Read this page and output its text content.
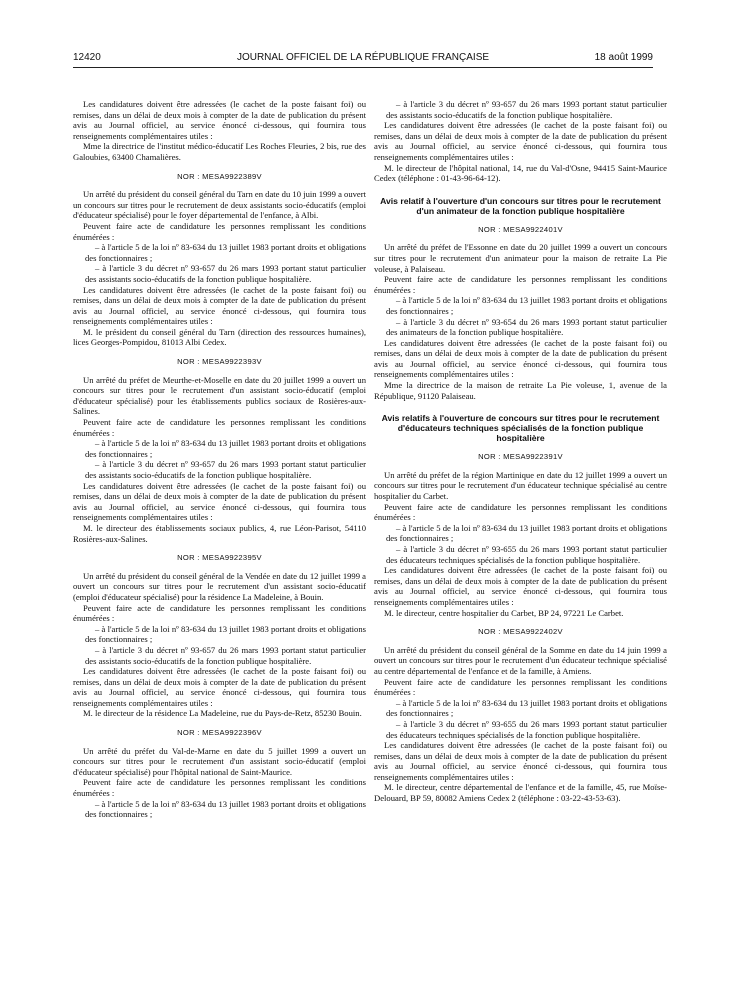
12420	JOURNAL OFFICIEL DE LA RÉPUBLIQUE FRANÇAISE	18 août 1999

Les candidatures doivent être adressées (le cachet de la poste faisant foi) ou remises, dans un délai de deux mois à compter de la date de publication du présent avis au Journal officiel, au service énoncé ci-dessous, qui fournira tous renseignements complémentaires utiles :

Mme la directrice de l'institut médico-éducatif Les Roches Fleuries, 2 bis, rue des Galoubies, 63400 Chamalières.

NOR : MESA9922389V

Un arrêté du président du conseil général du Tarn en date du 10 juin 1999 a ouvert un concours sur titres pour le recrutement de deux assistants socio-éducatifs (emploi d'éducateur spécialisé) pour le foyer départemental de l'enfance, à Albi.

Peuvent faire acte de candidature les personnes remplissant les conditions énumérées :

– à l'article 5 de la loi nº 83-634 du 13 juillet 1983 portant droits et obligations des fonctionnaires ;

– à l'article 3 du décret nº 93-657 du 26 mars 1993 portant statut particulier des assistants socio-éducatifs de la fonction publique hospitalière.

Les candidatures doivent être adressées (le cachet de la poste faisant foi) ou remises, dans un délai de deux mois à compter de la date de publication du présent avis au Journal officiel, au service énoncé ci-dessous, qui fournira tous renseignements complémentaires utiles :

M. le président du conseil général du Tarn (direction des ressources humaines), lices Georges-Pompidou, 81013 Albi Cedex.

NOR : MESA9922393V

Un arrêté du préfet de Meurthe-et-Moselle en date du 20 juillet 1999 a ouvert un concours sur titres pour le recrutement d'un assistant socio-éducatif (emploi d'éducateur spécialisé) pour les établissements publics sociaux de Rosières-aux-Salines.

Peuvent faire acte de candidature les personnes remplissant les conditions énumérées :

– à l'article 5 de la loi nº 83-634 du 13 juillet 1983 portant droits et obligations des fonctionnaires ;

– à l'article 3 du décret nº 93-657 du 26 mars 1993 portant statut particulier des assistants socio-éducatifs de la fonction publique hospitalière.

Les candidatures doivent être adressées (le cachet de la poste faisant foi) ou remises, dans un délai de deux mois à compter de la date de publication du présent avis au Journal officiel, au service énoncé ci-dessous, qui fournira tous renseignements complémentaires utiles :

M. le directeur des établissements sociaux publics, 4, rue Léon-Parisot, 54110 Rosières-aux-Salines.

NOR : MESA9922395V

Un arrêté du président du conseil général de la Vendée en date du 12 juillet 1999 a ouvert un concours sur titres pour le recrutement d'un assistant socio-éducatif (emploi d'éducateur spécialisé) pour la résidence La Madeleine, à Bouin.

Peuvent faire acte de candidature les personnes remplissant les conditions énumérées :

– à l'article 5 de la loi nº 83-634 du 13 juillet 1983 portant droits et obligations des fonctionnaires ;

– à l'article 3 du décret nº 93-657 du 26 mars 1993 portant statut particulier des assistants socio-éducatifs de la fonction publique hospitalière.

Les candidatures doivent être adressées (le cachet de la poste faisant foi) ou remises, dans un délai de deux mois à compter de la date de publication du présent avis au Journal officiel, au service énoncé ci-dessous, qui fournira tous renseignements complémentaires utiles :

M. le directeur de la résidence La Madeleine, rue du Pays-de-Retz, 85230 Bouin.

NOR : MESA9922396V

Un arrêté du préfet du Val-de-Marne en date du 5 juillet 1999 a ouvert un concours sur titres pour le recrutement d'un assistant socio-éducatif (emploi d'éducateur spécialisé) pour l'hôpital national de Saint-Maurice.

Peuvent faire acte de candidature les personnes remplissant les conditions énumérées :

– à l'article 5 de la loi nº 83-634 du 13 juillet 1983 portant droits et obligations des fonctionnaires ;

– à l'article 3 du décret nº 93-657 du 26 mars 1993 portant statut particulier des assistants socio-éducatifs de la fonction publique hospitalière.

Les candidatures doivent être adressées (le cachet de la poste faisant foi) ou remises, dans un délai de deux mois à compter de la date de publication du présent avis au Journal officiel, au service énoncé ci-dessous, qui fournira tous renseignements complémentaires utiles :

M. le directeur de l'hôpital national, 14, rue du Val-d'Osne, 94415 Saint-Maurice Cedex (téléphone : 01-43-96-64-12).

Avis relatif à l'ouverture d'un concours sur titres pour le recrutement d'un animateur de la fonction publique hospitalière
NOR : MESA9922401V

Un arrêté du préfet de l'Essonne en date du 20 juillet 1999 a ouvert un concours sur titres pour le recrutement d'un animateur pour la maison de retraite La Pie voleuse, à Palaiseau.

Peuvent faire acte de candidature les personnes remplissant les conditions énumérées :

– à l'article 5 de la loi nº 83-634 du 13 juillet 1983 portant droits et obligations des fonctionnaires ;

– à l'article 3 du décret nº 93-654 du 26 mars 1993 portant statut particulier des animateurs de la fonction publique hospitalière.

Les candidatures doivent être adressées (le cachet de la poste faisant foi) ou remises, dans un délai de deux mois à compter de la date de publication du présent avis au Journal officiel, au service énoncé ci-dessous, qui fournira tous renseignements complémentaires utiles :

Mme la directrice de la maison de retraite La Pie voleuse, 1, avenue de la République, 91120 Palaiseau.

Avis relatifs à l'ouverture de concours sur titres pour le recrutement d'éducateurs techniques spécialisés de la fonction publique hospitalière
NOR : MESA9922391V

Un arrêté du préfet de la région Martinique en date du 12 juillet 1999 a ouvert un concours sur titres pour le recrutement d'un éducateur technique spécialisé au centre hospitalier du Carbet.

Peuvent faire acte de candidature les personnes remplissant les conditions énumérées :

– à l'article 5 de la loi nº 83-634 du 13 juillet 1983 portant droits et obligations des fonctionnaires ;

– à l'article 3 du décret nº 93-655 du 26 mars 1993 portant statut particulier des éducateurs techniques spécialisés de la fonction publique hospitalière.

Les candidatures doivent être adressées (le cachet de la poste faisant foi) ou remises, dans un délai de deux mois à compter de la date de publication du présent avis au Journal officiel, au service énoncé ci-dessous, qui fournira tous renseignements complémentaires utiles :

M. le directeur, centre hospitalier du Carbet, BP 24, 97221 Le Carbet.

NOR : MESA9922402V

Un arrêté du président du conseil général de la Somme en date du 14 juin 1999 a ouvert un concours sur titres pour le recrutement d'un éducateur technique spécialisé au centre départemental de l'enfance et de la famille, à Amiens.

Peuvent faire acte de candidature les personnes remplissant les conditions énumérées :

– à l'article 5 de la loi nº 83-634 du 13 juillet 1983 portant droits et obligations des fonctionnaires ;

– à l'article 3 du décret nº 93-655 du 26 mars 1993 portant statut particulier des éducateurs techniques spécialisés de la fonction publique hospitalière.

Les candidatures doivent être adressées (le cachet de la poste faisant foi) ou remises, dans un délai de deux mois à compter de la date de publication du présent avis au Journal officiel, au service énoncé ci-dessous, qui fournira tous renseignements complémentaires utiles :

M. le directeur, centre départemental de l'enfance et de la famille, 45, rue Moïse-Delouard, BP 59, 80082 Amiens Cedex 2 (téléphone : 03-22-43-53-63).
